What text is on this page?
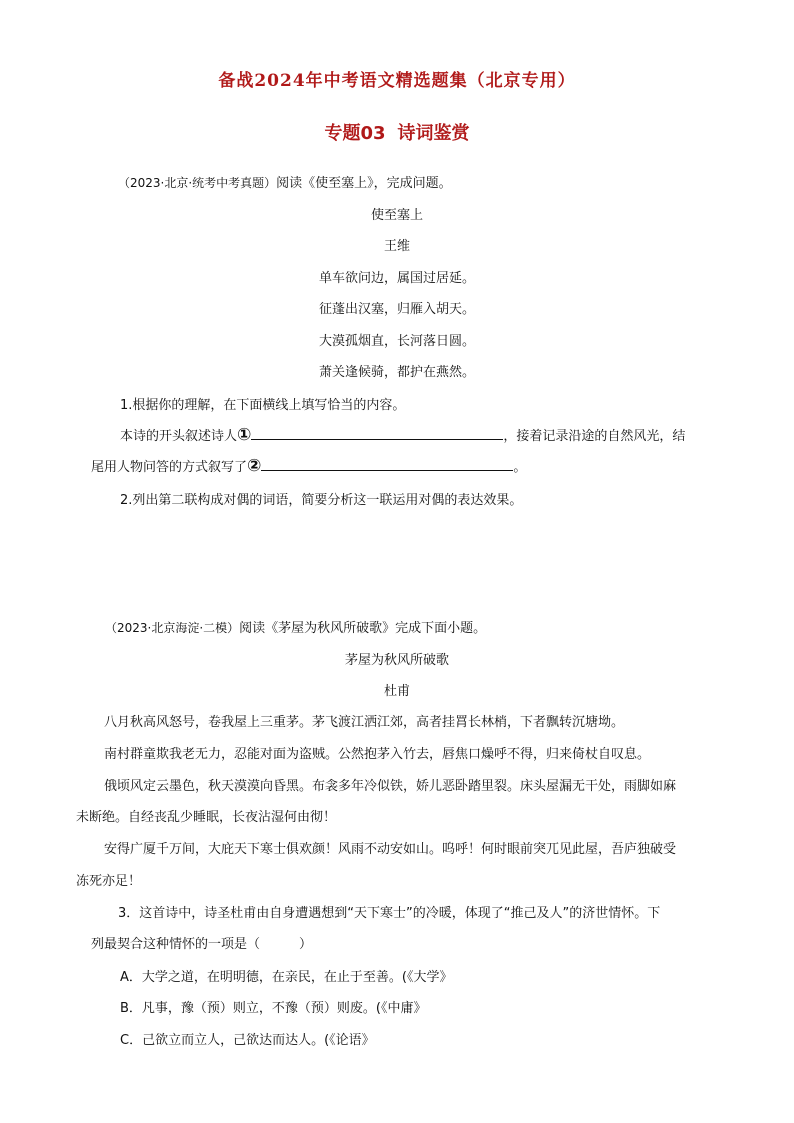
备战2024年中考语文精选题集（北京专用）
专题03 诗词鉴赏
（2023·北京·统考中考真题）阅读《使至塞上》，完成问题。
使至塞上
王维
单车欲问边，属国过居延。
征蓬出汉塞，归雁入胡天。
大漠孤烟直，长河落日圆。
萧关逢候骑，都护在燕然。
1.根据你的理解，在下面横线上填写恰当的内容。
本诗的开头叙述诗人①	，接着记录沿途的自然风光，结
尾用人物问答的方式叙写了②	。
2.列出第二联构成对偶的词语，简要分析这一联运用对偶的表达效果。
（2023·北京海淀·二模）阅读《茅屋为秋风所破歌》完成下面小题。
茅屋为秋风所破歌
杜甫
八月秋高风怒号，卷我屋上三重茅。茅飞渡江洒江郊，高者挂罥长林梢，下者飘转沉塘坳。
南村群童欺我老无力，忍能对面为盗贼。公然抱茅入竹去，唇焦口燥呼不得，归来倚杖自叹息。
俄顷风定云墨色，秋天漠漠向昏黑。布衾多年冷似铁，娇儿恶卧踏里裂。床头屋漏无干处，雨脚如麻
未断绝。自经丧乱少睡眠，长夜沾湿何由彻！
安得广厦千万间，大庇天下寒士俱欢颜！风雨不动安如山。呜呼！何时眼前突兀见此屋，吾庐独破受
冻死亦足！
3．这首诗中，诗圣杜甫由自身遭遇想到“天下寒士”的冷暖，体现了“推己及人”的济世情怀。下
列最契合这种情怀的一项是（　　　）
A．大学之道，在明明德，在亲民，在止于至善。(《大学》
B．凡事，豫（预）则立，不豫（预）则废。(《中庸》
C．己欲立而立人，己欲达而达人。(《论语》
